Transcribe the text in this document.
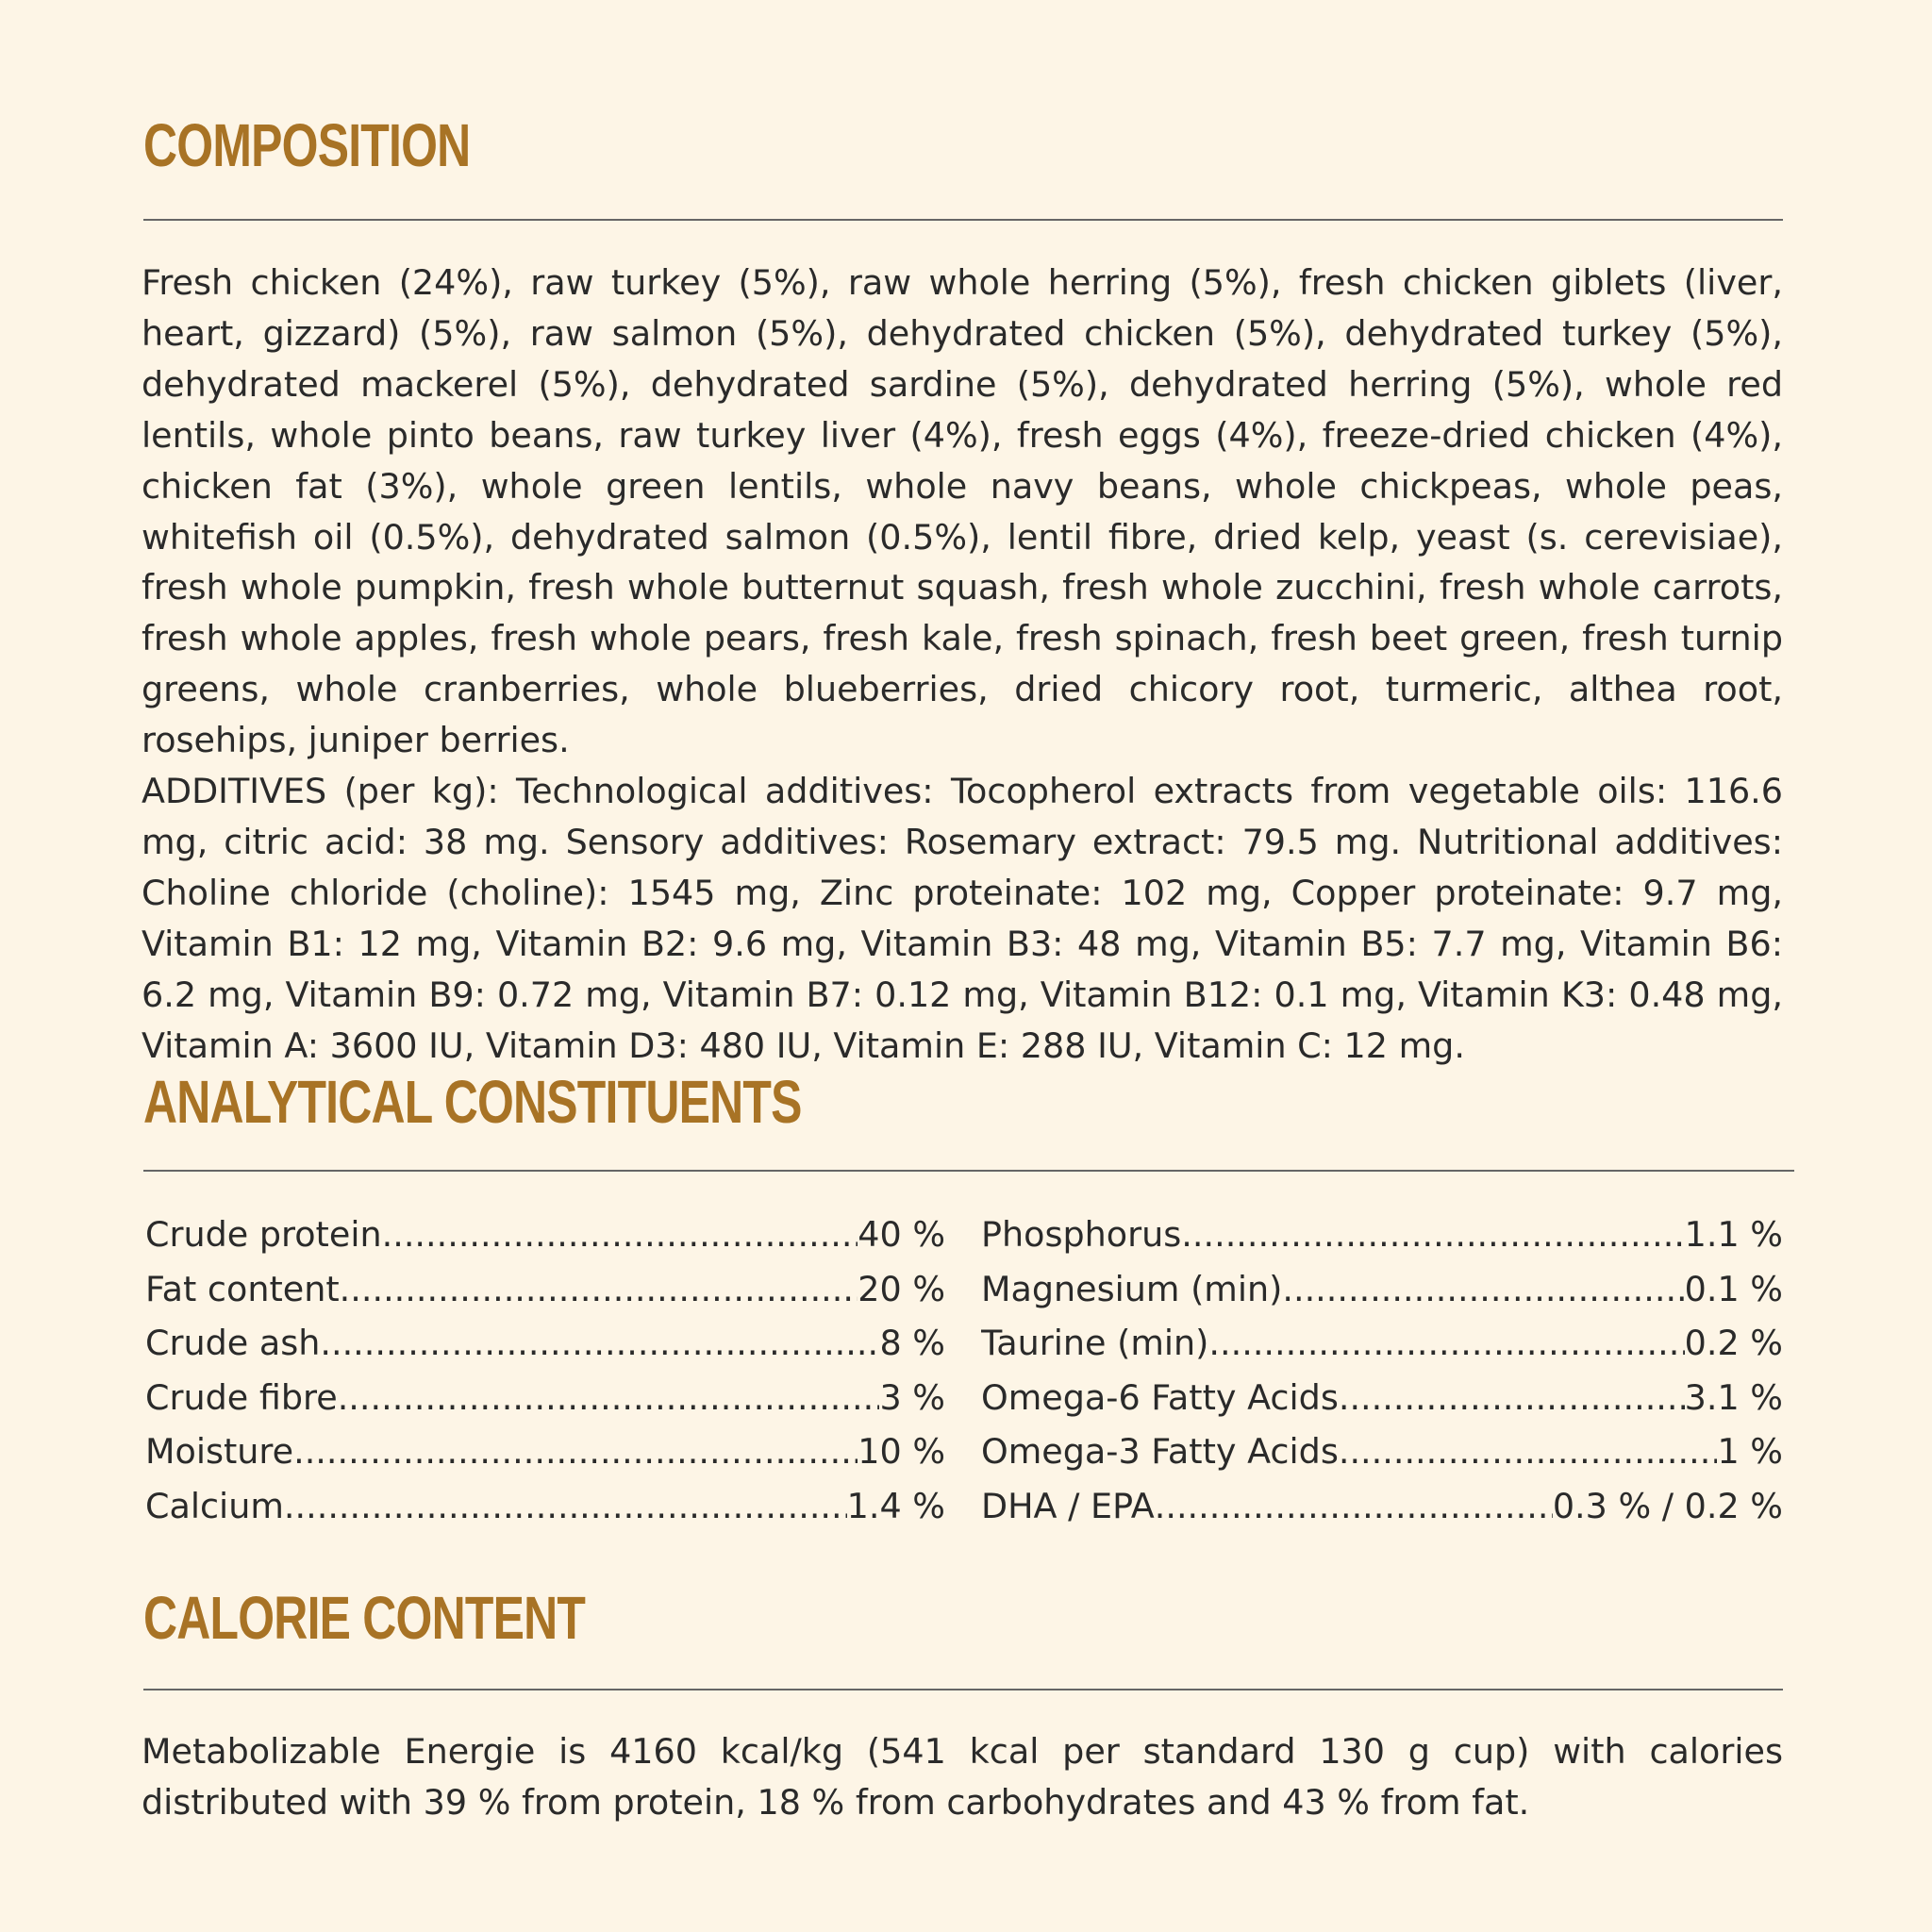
COMPOSITION

Fresh chicken (24%), raw turkey (5%), raw whole herring (5%), fresh chicken giblets (liver, heart, gizzard) (5%), raw salmon (5%), dehydrated chicken (5%), dehydrated turkey (5%), dehydrated mackerel (5%), dehydrated sardine (5%), dehydrated herring (5%), whole red lentils, whole pinto beans, raw turkey liver (4%), fresh eggs (4%), freeze-dried chicken (4%), chicken fat (3%), whole green lentils, whole navy beans, whole chickpeas, whole peas, whitefish oil (0.5%), dehydrated salmon (0.5%), lentil fibre, dried kelp, yeast (s. cerevisiae), fresh whole pumpkin, fresh whole butternut squash, fresh whole zucchini, fresh whole carrots, fresh whole apples, fresh whole pears, fresh kale, fresh spinach, fresh beet green, fresh turnip greens, whole cranberries, whole blueberries, dried chicory root, turmeric, althea root, rosehips, juniper berries.

ADDITIVES (per kg): Technological additives: Tocopherol extracts from vegetable oils: 116.6 mg, citric acid: 38 mg. Sensory additives: Rosemary extract: 79.5 mg. Nutritional additives: Choline chloride (choline): 1545 mg, Zinc proteinate: 102 mg, Copper proteinate: 9.7 mg, Vitamin B1: 12 mg, Vitamin B2: 9.6 mg, Vitamin B3: 48 mg, Vitamin B5: 7.7 mg, Vitamin B6: 6.2 mg, Vitamin B9: 0.72 mg, Vitamin B7: 0.12 mg, Vitamin B12: 0.1 mg, Vitamin K3: 0.48 mg, Vitamin A: 3600 IU, Vitamin D3: 480 IU, Vitamin E: 288 IU, Vitamin C: 12 mg.

ANALYTICAL CONSTITUENTS
Crude protein .....	40 %
Fat content .....	20 %
Crude ash .....	8 %
Crude fibre .....	3 %
Moisture .....	10 %
Calcium .....	1.4 %
Phosphorus .....	1.1 %
Magnesium (min) .....	0.1 %
Taurine (min) .....	0.2 %
Omega-6 Fatty Acids .....	3.1 %
Omega-3 Fatty Acids .....	1 %
DHA / EPA .....	0.3 % / 0.2 %
CALORIE CONTENT

Metabolizable Energie is 4160 kcal/kg (541 kcal per standard 130 g cup) with calories distributed with 39 % from protein, 18 % from carbohydrates and 43 % from fat.
